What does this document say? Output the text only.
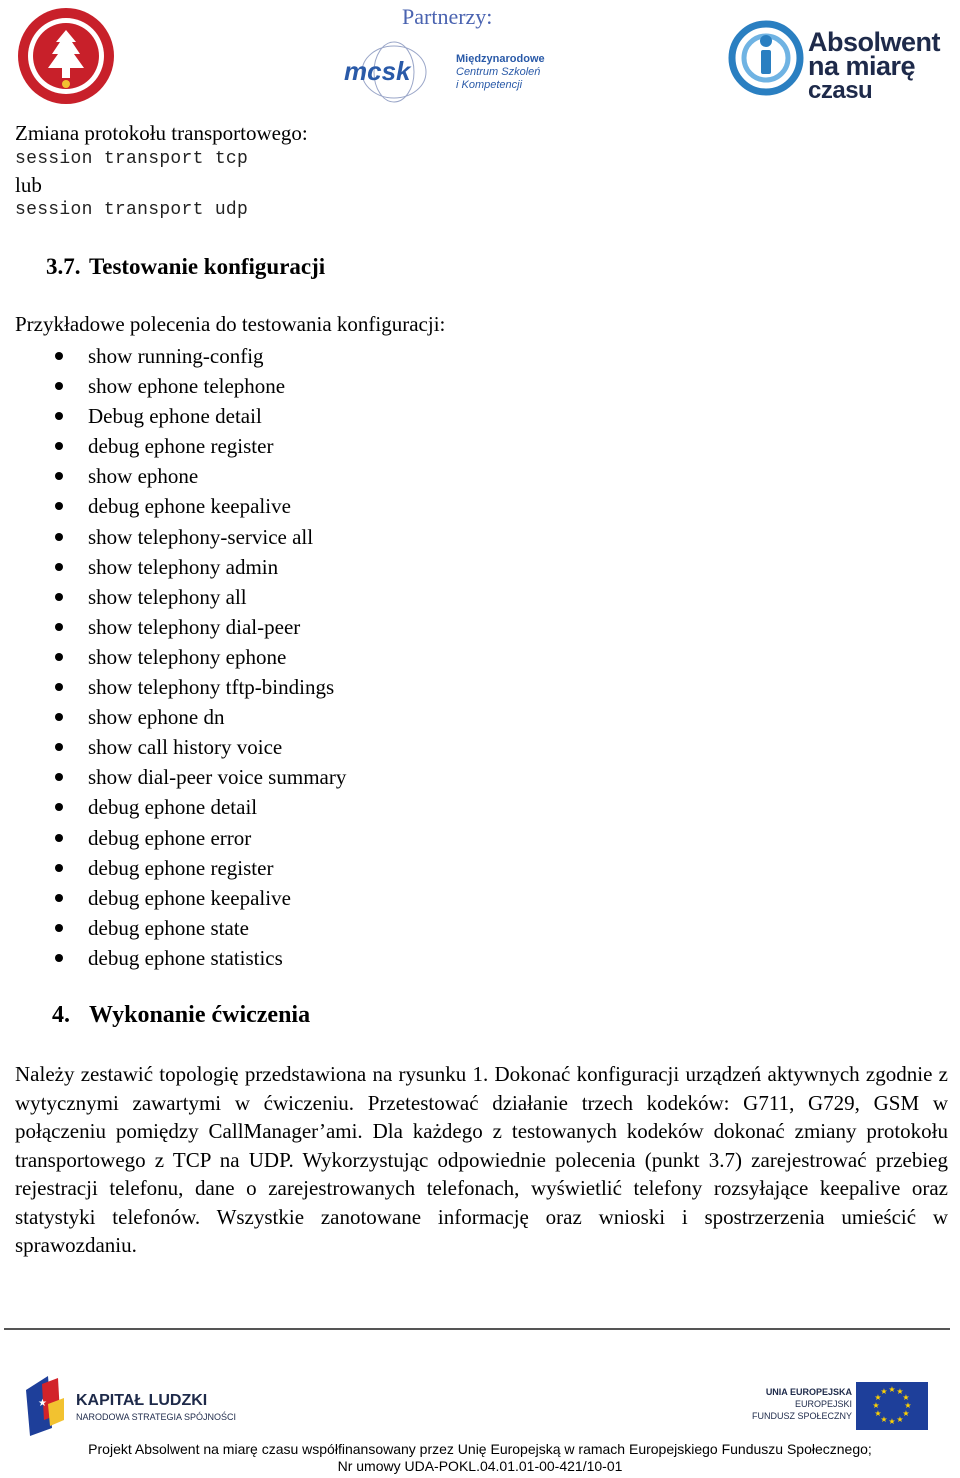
Partnerzy:
mcsk	Międzynarodowe
Centrum Szkoleń
i Kompetencji
Absolwent
na miarę
czasu
Zmiana protokołu transportowego:
session transport tcp
lub
session transport udp
3.7. Testowanie konfiguracji
Przykładowe polecenia do testowania konfiguracji:
show running-config
show ephone telephone
Debug ephone detail
debug ephone register
show ephone
debug ephone keepalive
show telephony-service all
show telephony admin
show telephony all
show telephony dial-peer
show telephony ephone
show telephony tftp-bindings
show ephone dn
show call history voice
show dial-peer voice summary
debug ephone detail
debug ephone error
debug ephone register
debug ephone keepalive
debug ephone state
debug ephone statistics
4. Wykonanie ćwiczenia
Należy zestawić topologię przedstawiona na rysunku 1. Dokonać konfiguracji urządzeń aktywnych zgodnie z wytycznymi zawartymi w ćwiczeniu. Przetestować działanie trzech kodeków: G711, G729, GSM w połączeniu pomiędzy CallManager’ami. Dla każdego z testowanych kodeków dokonać zmiany protokołu transportowego z TCP na UDP. Wykorzystując odpowiednie polecenia (punkt 3.7) zarejestrować przebieg rejestracji telefonu, dane o zarejestrowanych telefonach, wyświetlić telefony rozsyłające keepalive oraz statystyki telefonów. Wszystkie zanotowane informację oraz wnioski i spostrzerzenia umieścić w sprawozdaniu.
★ KAPITAŁ LUDZKI
NARODOWA STRATEGIA SPÓJNOŚCI
UNIA EUROPEJSKA
EUROPEJSKI
FUNDUSZ SPOŁECZNY
★ ★
★
★
★
★
★
★
★
★
★
★
Projekt Absolwent na miarę czasu współfinansowany przez Unię Europejską w ramach Europejskiego Funduszu Społecznego;
Nr umowy UDA-POKL.04.01.01-00-421/10-01
